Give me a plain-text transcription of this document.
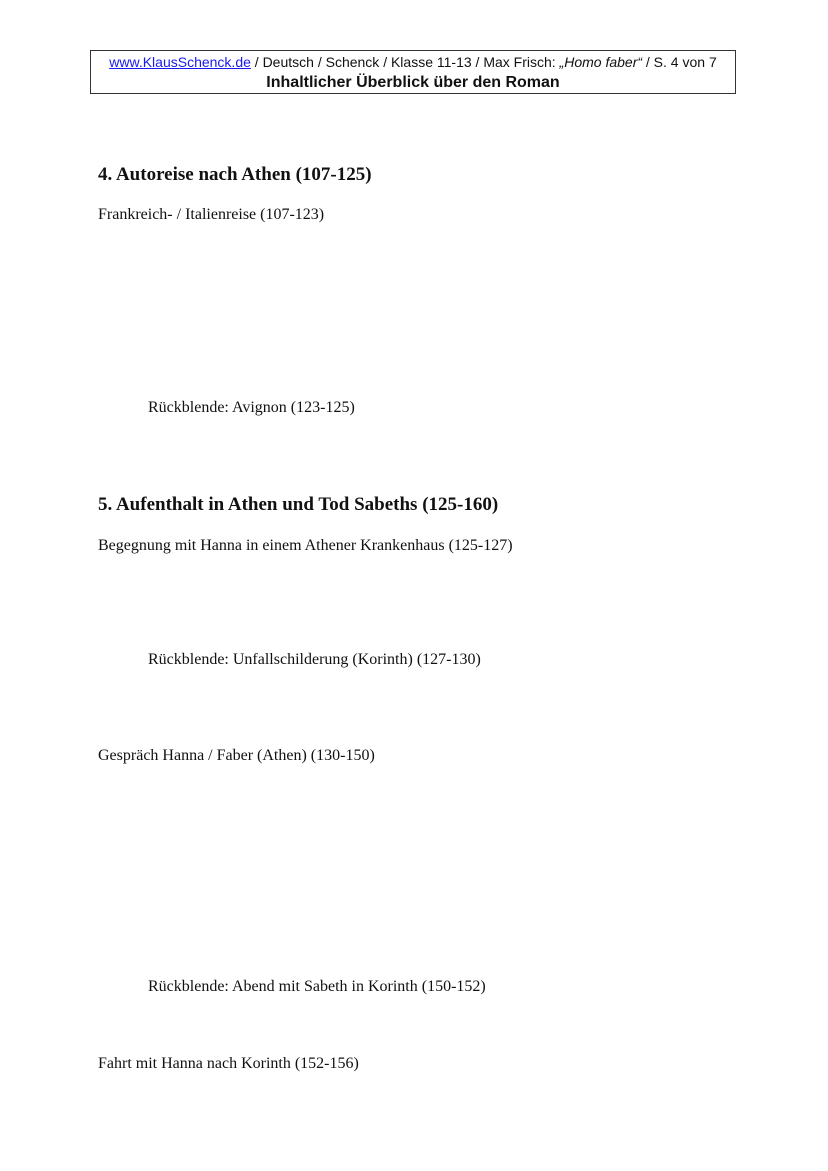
www.KlausSchenck.de / Deutsch / Schenck / Klasse 11-13 / Max Frisch: „Homo faber“ / S. 4 von 7
Inhaltlicher Überblick über den Roman
4. Autoreise nach Athen (107-125)
Frankreich- / Italienreise (107-123)
Rückblende: Avignon (123-125)
5. Aufenthalt in Athen und Tod Sabeths (125-160)
Begegnung mit Hanna in einem Athener Krankenhaus (125-127)
Rückblende: Unfallschilderung (Korinth) (127-130)
Gespräch Hanna / Faber (Athen) (130-150)
Rückblende: Abend mit Sabeth in Korinth (150-152)
Fahrt mit Hanna nach Korinth (152-156)
